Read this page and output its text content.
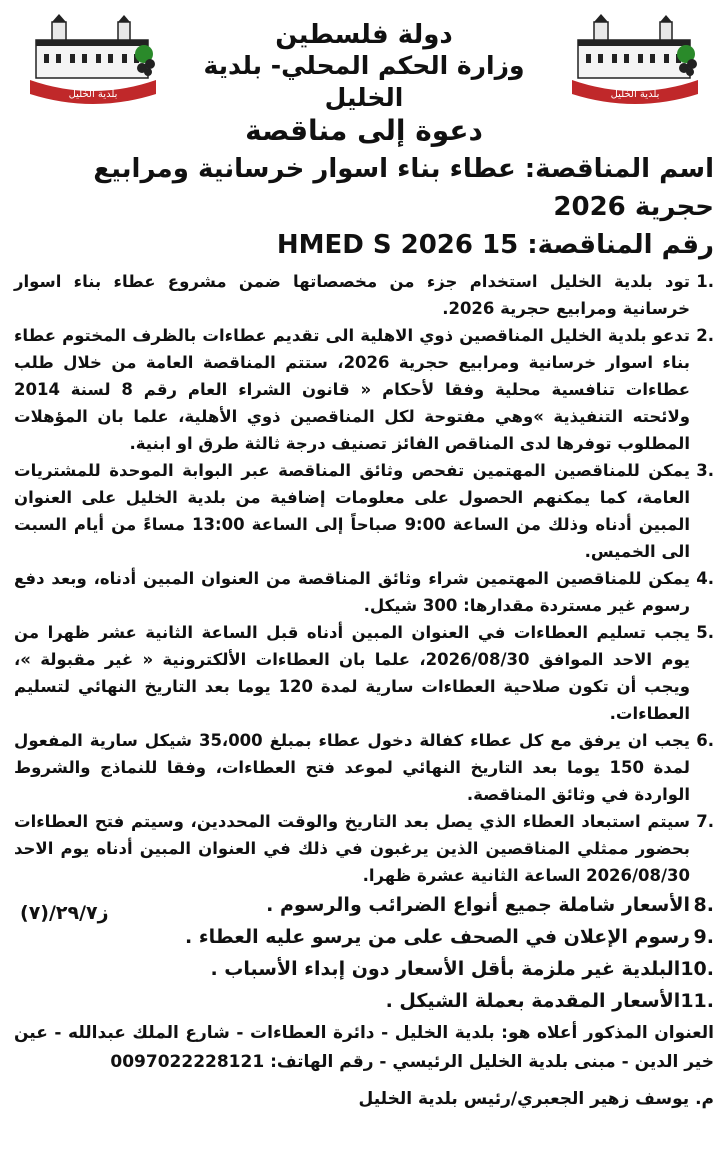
بلدية الخليل
دولة فلسطين
وزارة الحكم المحلي- بلدية الخليل
بلدية الخليل
دعوة إلى مناقصة
اسم المناقصة: عطاء بناء اسوار خرسانية ومرابيع حجرية 2026
رقم المناقصة: HMED S 2026 15
.1
تود بلدية الخليل استخدام جزء من مخصصاتها ضمن مشروع عطاء بناء اسوار خرسانية ومرابيع حجرية 2026.
.2
تدعو بلدية الخليل المناقصين ذوي الاهلية الى تقديم عطاءات بالظرف المختوم عطاء بناء اسوار خرسانية ومرابيع حجرية 2026، ستتم المناقصة العامة من خلال طلب عطاءات تنافسية محلية وفقا لأحكام « قانون الشراء العام رقم 8 لسنة 2014 ولائحته التنفيذية »وهي مفتوحة لكل المناقصين ذوي الأهلية، علما بان المؤهلات المطلوب توفرها لدى المناقص الفائز تصنيف درجة ثالثة طرق او ابنية.
.3
يمكن للمناقصين المهتمين تفحص وثائق المناقصة عبر البوابة الموحدة للمشتريات العامة، كما يمكنهم الحصول على معلومات إضافية من بلدية الخليل على العنوان المبين أدناه وذلك من الساعة 9:00 صباحاً إلى الساعة 13:00 مساءً من أيام السبت الى الخميس.
.4
يمكن للمناقصين المهتمين شراء وثائق المناقصة من العنوان المبين أدناه، وبعد دفع رسوم غير مستردة مقدارها: 300 شيكل.
.5
يجب تسليم العطاءات في العنوان المبين أدناه قبل الساعة الثانية عشر ظهرا من يوم الاحد الموافق 2026/08/30، علما بان العطاءات الألكترونية « غير مقبولة »، ويجب أن تكون صلاحية العطاءات سارية لمدة 120 يوما بعد التاريخ النهائي لتسليم العطاءات.
.6
يجب ان يرفق مع كل عطاء كفالة دخول عطاء بمبلغ 35،000 شيكل سارية المفعول لمدة 150 يوما بعد التاريخ النهائي لموعد فتح العطاءات، وفقا للنماذج والشروط الواردة في وثائق المناقصة.
.7
سيتم استبعاد العطاء الذي يصل بعد التاريخ والوقت المحددين، وسيتم فتح العطاءات بحضور ممثلي المناقصين الذين يرغبون في ذلك في العنوان المبين أدناه يوم الاحد 2026/08/30 الساعة الثانية عشرة ظهرا.
.8
الأسعار شاملة جميع أنواع الضرائب والرسوم .
.9
رسوم الإعلان في الصحف على من يرسو عليه العطاء .
.10
البلدية غير ملزمة بأقل الأسعار دون إبداء الأسباب .
.11
الأسعار المقدمة بعملة الشيكل .
ز٢٩/٧/(٧)
العنوان المذكور أعلاه هو: بلدية الخليل - دائرة العطاءات - شارع الملك عبدالله - عين خير الدين - مبنى بلدية الخليل الرئيسي - رقم الهاتف: 0097022228121
م. يوسف زهير الجعبري/رئيس بلدية الخليل
